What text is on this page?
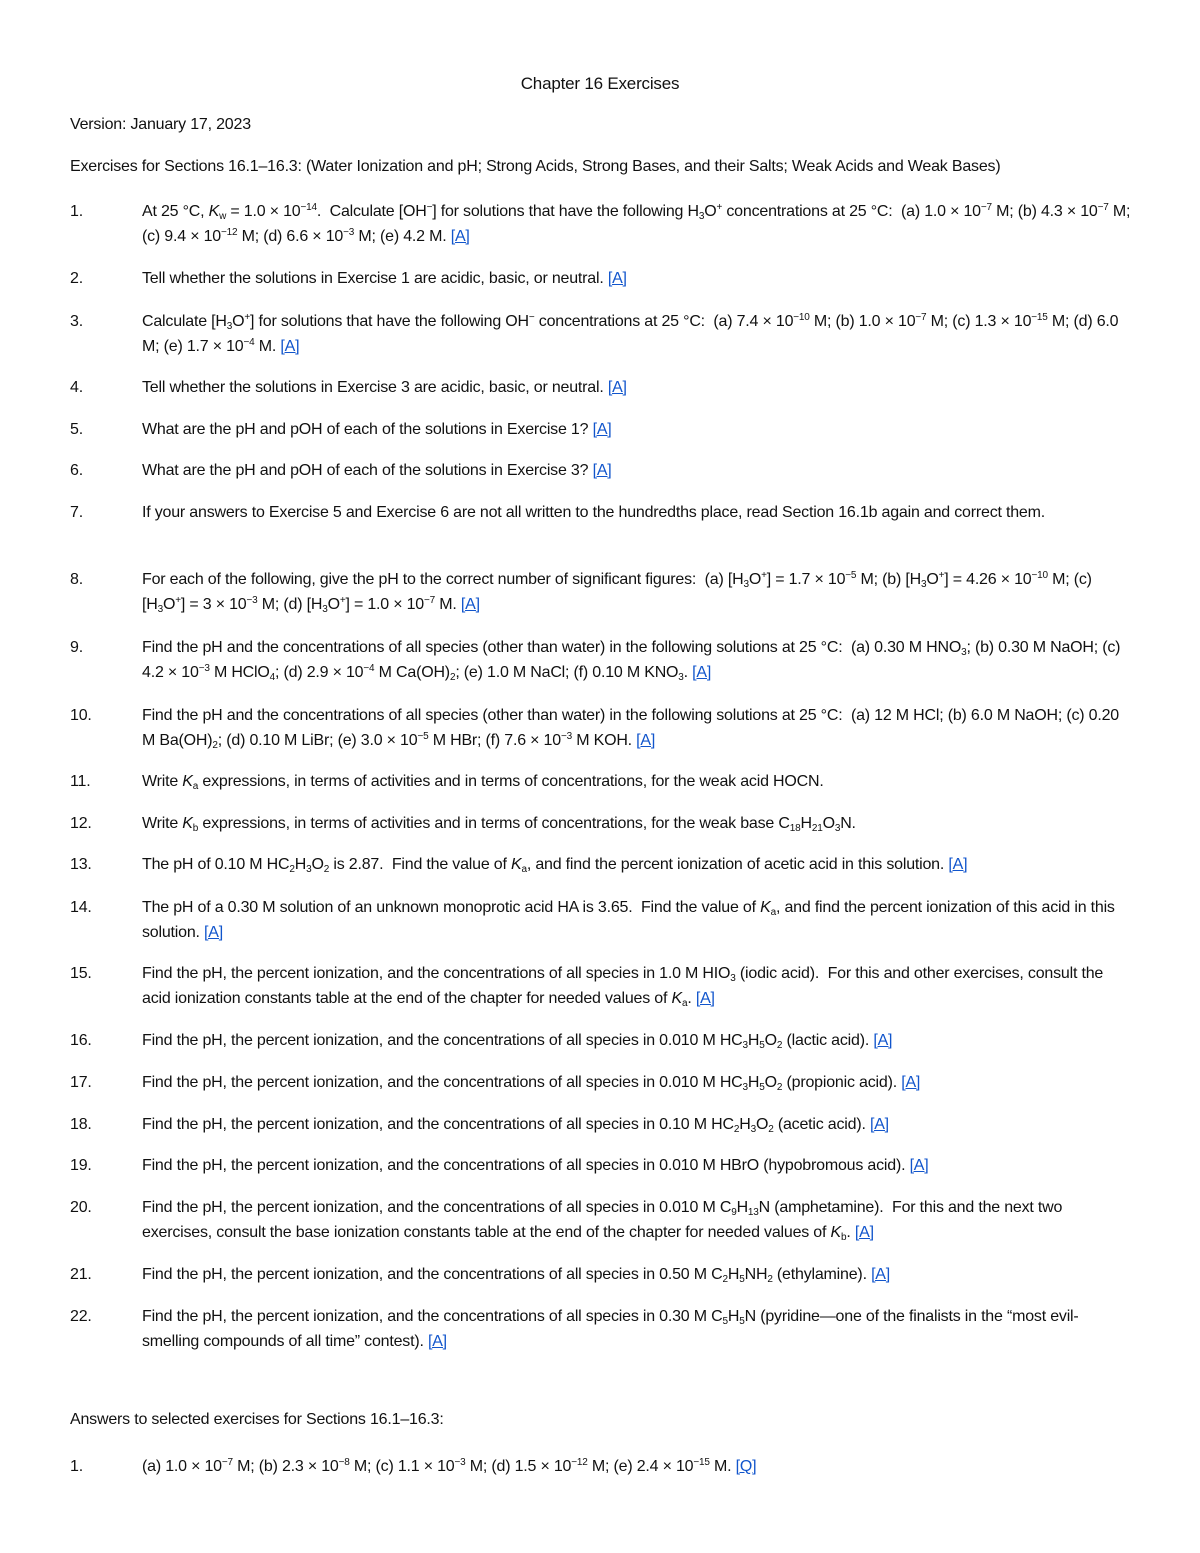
Chapter 16 Exercises
Version: January 17, 2023
Exercises for Sections 16.1–16.3: (Water Ionization and pH; Strong Acids, Strong Bases, and their Salts; Weak Acids and Weak Bases)
1.	At 25 °C, $K_w = 1.0 \times 10^{-14}$.  Calculate [OH−] for solutions that have the following $H_3O^+$ concentrations at 25 °C:  (a) $1.0 \times 10^{-7}$ M; (b) $4.3 \times 10^{-7}$ M; (c) $9.4 \times 10^{-12}$ M; (d) $6.6 \times 10^{-3}$ M; (e) 4.2 M. [A]
2.	Tell whether the solutions in Exercise 1 are acidic, basic, or neutral. [A]
3.	Calculate $[H_3O^+]$ for solutions that have the following OH− concentrations at 25 °C:  (a) $7.4 \times 10^{-10}$ M; (b) $1.0 \times 10^{-7}$ M; (c) $1.3 \times 10^{-15}$ M; (d) 6.0 M; (e) $1.7 \times 10^{-4}$ M. [A]
4.	Tell whether the solutions in Exercise 3 are acidic, basic, or neutral. [A]
5.	What are the pH and pOH of each of the solutions in Exercise 1? [A]
6.	What are the pH and pOH of each of the solutions in Exercise 3? [A]
7.	If your answers to Exercise 5 and Exercise 6 are not all written to the hundredths place, read Section 16.1b again and correct them.
8.	For each of the following, give the pH to the correct number of significant figures:  (a) $[H_3O^+] = 1.7 \times 10^{-5}$ M; (b) $[H_3O^+] = 4.26 \times 10^{-10}$ M; (c) $[H_3O^+] = 3 \times 10^{-3}$ M; (d) $[H_3O^+] = 1.0 \times 10^{-7}$ M. [A]
9.	Find the pH and the concentrations of all species (other than water) in the following solutions at 25 °C:  (a) 0.30 M $HNO_3$; (b) 0.30 M NaOH; (c) $4.2 \times 10^{-3}$ M HClO$_4$; (d) $2.9 \times 10^{-4}$ M $Ca(OH)_2$; (e) 1.0 M NaCl; (f) 0.10 M $KNO_3$. [A]
10.	Find the pH and the concentrations of all species (other than water) in the following solutions at 25 °C:  (a) 12 M HCl; (b) 6.0 M NaOH; (c) 0.20 M $Ba(OH)_2$; (d) 0.10 M LiBr; (e) $3.0 \times 10^{-5}$ M HBr; (f) $7.6 \times 10^{-3}$ M KOH. [A]
11.	Write $K_a$ expressions, in terms of activities and in terms of concentrations, for the weak acid HOCN.
12.	Write $K_b$ expressions, in terms of activities and in terms of concentrations, for the weak base $C_{18}H_{21}O_3N$.
13.	The pH of 0.10 M $HC_2H_3O_2$ is 2.87.  Find the value of $K_a$, and find the percent ionization of acetic acid in this solution. [A]
14.	The pH of a 0.30 M solution of an unknown monoprotic acid HA is 3.65.  Find the value of $K_a$, and find the percent ionization of this acid in this solution. [A]
15.	Find the pH, the percent ionization, and the concentrations of all species in 1.0 M $HIO_3$ (iodic acid).  For this and other exercises, consult the acid ionization constants table at the end of the chapter for needed values of $K_a$. [A]
16.	Find the pH, the percent ionization, and the concentrations of all species in 0.010 M $HC_3H_5O_2$ (lactic acid). [A]
17.	Find the pH, the percent ionization, and the concentrations of all species in 0.010 M $HC_3H_5O_2$ (propionic acid). [A]
18.	Find the pH, the percent ionization, and the concentrations of all species in 0.10 M $HC_2H_3O_2$ (acetic acid). [A]
19.	Find the pH, the percent ionization, and the concentrations of all species in 0.010 M HBrO (hypobromous acid). [A]
20.	Find the pH, the percent ionization, and the concentrations of all species in 0.010 M $C_9H_{13}N$ (amphetamine).  For this and the next two exercises, consult the base ionization constants table at the end of the chapter for needed values of $K_b$. [A]
21.	Find the pH, the percent ionization, and the concentrations of all species in 0.50 M $C_2H_5NH_2$ (ethylamine). [A]
22.	Find the pH, the percent ionization, and the concentrations of all species in 0.30 M $C_5H_5N$ (pyridine—one of the finalists in the “most evil-smelling compounds of all time” contest). [A]
Answers to selected exercises for Sections 16.1–16.3:
1.	(a) $1.0 \times 10^{-7}$ M; (b) $2.3 \times 10^{-8}$ M; (c) $1.1 \times 10^{-3}$ M; (d) $1.5 \times 10^{-12}$ M; (e) $2.4 \times 10^{-15}$ M. [Q]
